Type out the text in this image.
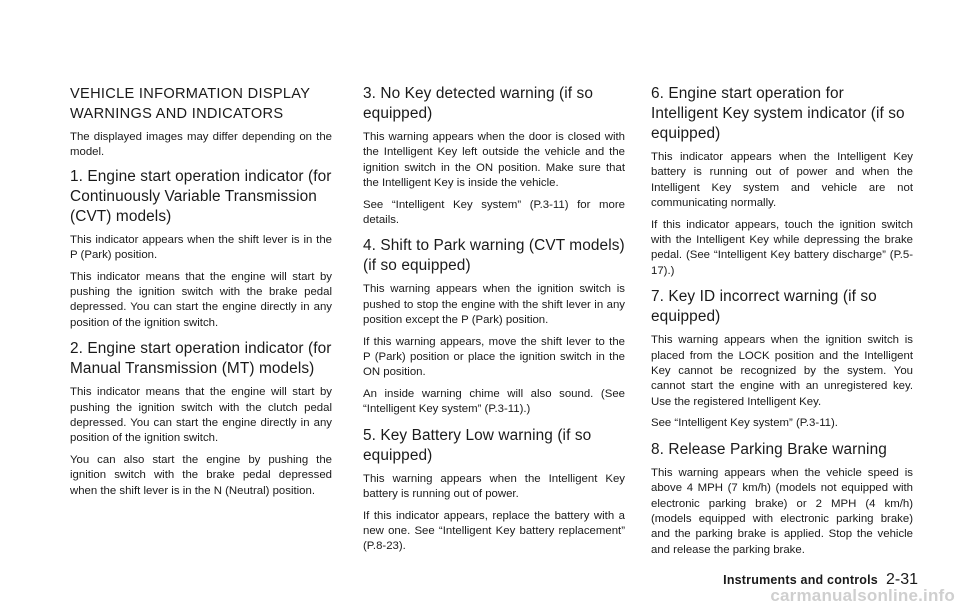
VEHICLE INFORMATION DISPLAY WARNINGS AND INDICATORS

The displayed images may differ depending on the model.

1. Engine start operation indicator (for Continuously Variable Transmission (CVT) models)

This indicator appears when the shift lever is in the P (Park) position.

This indicator means that the engine will start by pushing the ignition switch with the brake pedal depressed. You can start the engine directly in any position of the ignition switch.

2. Engine start operation indicator (for Manual Transmission (MT) models)

This indicator means that the engine will start by pushing the ignition switch with the clutch pedal depressed. You can start the engine directly in any position of the ignition switch.

You can also start the engine by pushing the ignition switch with the brake pedal depressed when the shift lever is in the N (Neutral) position.

3. No Key detected warning (if so equipped)

This warning appears when the door is closed with the Intelligent Key left outside the vehicle and the ignition switch in the ON position. Make sure that the Intelligent Key is inside the vehicle.

See “Intelligent Key system” (P.3-11) for more details.

4. Shift to Park warning (CVT models) (if so equipped)

This warning appears when the ignition switch is pushed to stop the engine with the shift lever in any position except the P (Park) position.

If this warning appears, move the shift lever to the P (Park) position or place the ignition switch in the ON position.

An inside warning chime will also sound. (See “Intelligent Key system” (P.3-11).)

5. Key Battery Low warning (if so equipped)

This warning appears when the Intelligent Key battery is running out of power.

If this indicator appears, replace the battery with a new one. See “Intelligent Key battery replacement” (P.8-23).

6. Engine start operation for Intelligent Key system indicator (if so equipped)

This indicator appears when the Intelligent Key battery is running out of power and when the Intelligent Key system and vehicle are not communicating normally.

If this indicator appears, touch the ignition switch with the Intelligent Key while depressing the brake pedal. (See “Intelligent Key battery discharge” (P.5-17).)

7. Key ID incorrect warning (if so equipped)

This warning appears when the ignition switch is placed from the LOCK position and the Intelligent Key cannot be recognized by the system. You cannot start the engine with an unregistered key. Use the registered Intelligent Key.

See “Intelligent Key system” (P.3-11).

8. Release Parking Brake warning

This warning appears when the vehicle speed is above 4 MPH (7 km/h) (models not equipped with electronic parking brake) or 2 MPH (4 km/h) (models equipped with electronic parking brake) and the parking brake is applied. Stop the vehicle and release the parking brake.

Instruments and controls 2-31
carmanualsonline.info
